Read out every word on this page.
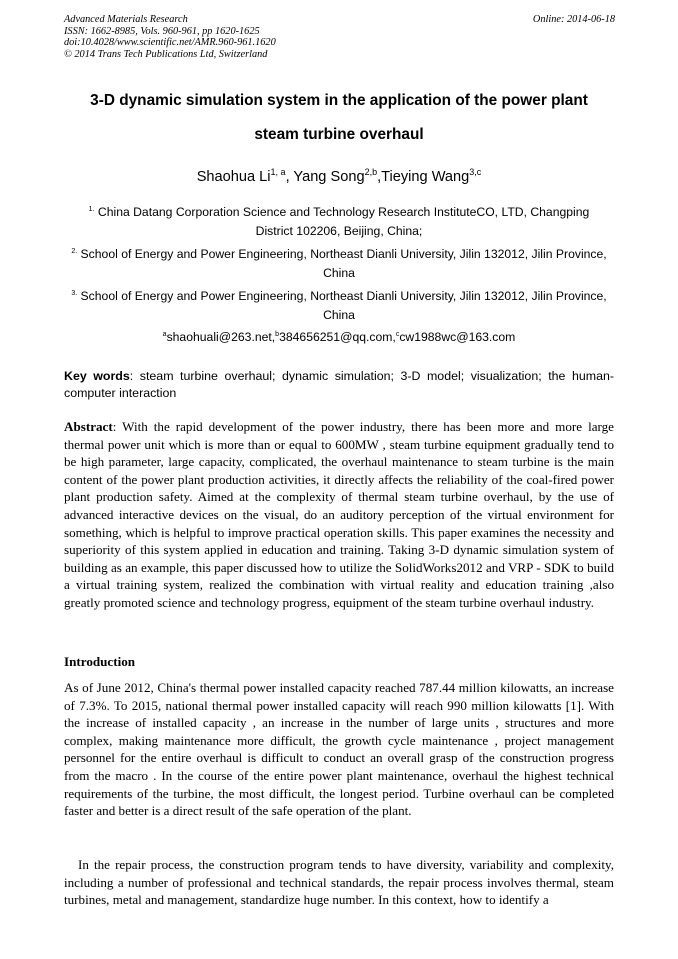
Advanced Materials Research
ISSN: 1662-8985, Vols. 960-961, pp 1620-1625
doi:10.4028/www.scientific.net/AMR.960-961.1620
© 2014 Trans Tech Publications Ltd, Switzerland
Online: 2014-06-18
3-D dynamic simulation system in the application of the power plant
steam turbine overhaul
Shaohua Li$^{1, a}$, Yang Song$^{2,b}$,Tieying Wang$^{3,c}$
$^{1.}$ China Datang Corporation Science and Technology Research InstituteCO, LTD, Changping District 102206, Beijing, China;
$^{2.}$ School of Energy and Power Engineering, Northeast Dianli University, Jilin 132012, Jilin Province, China
$^{3.}$ School of Energy and Power Engineering, Northeast Dianli University, Jilin 132012, Jilin Province, China
$^a$shaohuali@263.net,$^b$384656251@qq.com,$^c$cw1988wc@163.com
Key words: steam turbine overhaul; dynamic simulation; 3-D model; visualization; the human-computer interaction
Abstract: With the rapid development of the power industry, there has been more and more large thermal power unit which is more than or equal to 600MW , steam turbine equipment gradually tend to be high parameter, large capacity, complicated, the overhaul maintenance to steam turbine is the main content of the power plant production activities, it directly affects the reliability of the coal-fired power plant production safety. Aimed at the complexity of thermal steam turbine overhaul, by the use of advanced interactive devices on the visual, do an auditory perception of the virtual environment for something, which is helpful to improve practical operation skills. This paper examines the necessity and superiority of this system applied in education and training. Taking 3-D dynamic simulation system of building as an example, this paper discussed how to utilize the SolidWorks2012 and VRP - SDK to build a virtual training system, realized the combination with virtual reality and education training ,also greatly promoted science and technology progress, equipment of the steam turbine overhaul industry.
Introduction
As of June 2012, China's thermal power installed capacity reached 787.44 million kilowatts, an increase of 7.3%. To 2015, national thermal power installed capacity will reach 990 million kilowatts [1]. With the increase of installed capacity , an increase in the number of large units , structures and more complex, making maintenance more difficult, the growth cycle maintenance , project management personnel for the entire overhaul is difficult to conduct an overall grasp of the construction progress from the macro . In the course of the entire power plant maintenance, overhaul the highest technical requirements of the turbine, the most difficult, the longest period. Turbine overhaul can be completed faster and better is a direct result of the safe operation of the plant.
In the repair process, the construction program tends to have diversity, variability and complexity, including a number of professional and technical standards, the repair process involves thermal, steam turbines, metal and management, standardize huge number. In this context, how to identify a
